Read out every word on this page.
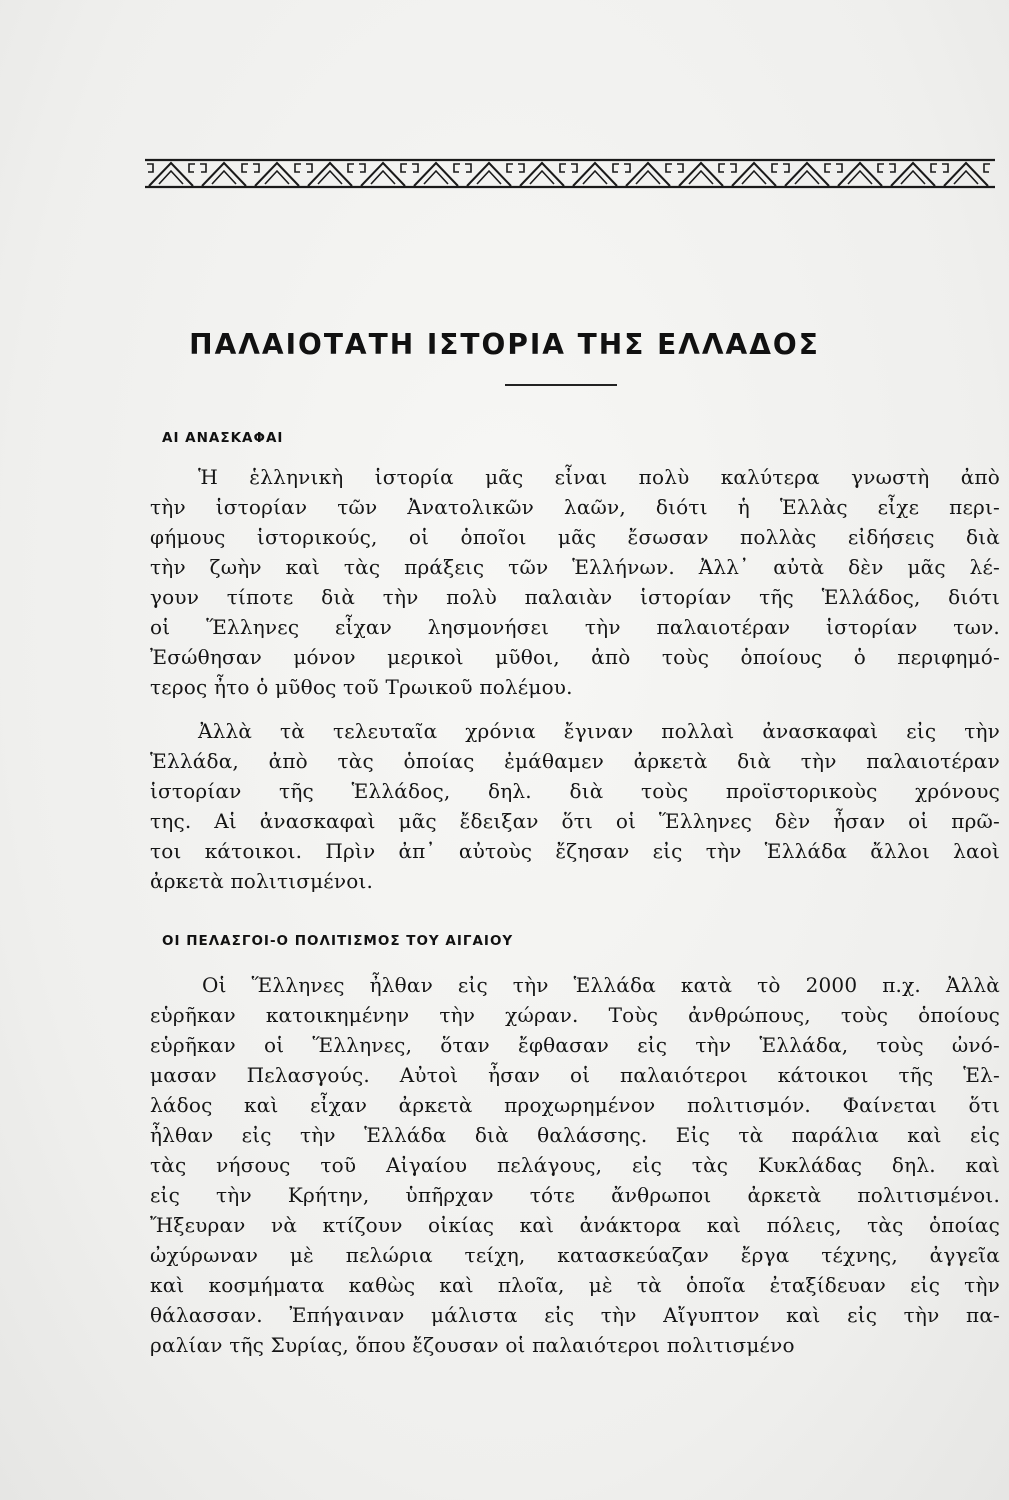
ΠΑΛΑΙΟΤΑΤΗ ΙΣΤΟΡΙΑ ΤΗΣ ΕΛΛΑΔΟΣ
ΑΙ ΑΝΑΣΚΑΦΑΙ
Ἡ ἑλληνικὴ ἱστορία μᾶς εἶναι πολὺ καλύτερα γνωστὴ ἀπὸ
τὴν ἱστορίαν τῶν Ἀνατολικῶν λαῶν, διότι ἡ Ἑλλὰς εἶχε περι-
φήμους ἱστορικούς, οἱ ὁποῖοι μᾶς ἔσωσαν πολλὰς εἰδήσεις διὰ
τὴν ζωὴν καὶ τὰς πράξεις τῶν Ἑλλήνων. Ἀλλ᾽ αὐτὰ δὲν μᾶς λέ-
γουν τίποτε διὰ τὴν πολὺ παλαιὰν ἱστορίαν τῆς Ἑλλάδος, διότι
οἱ Ἕλληνες εἶχαν λησμονήσει τὴν παλαιοτέραν ἱστορίαν των.
Ἐσώθησαν μόνον μερικοὶ μῦθοι, ἀπὸ τοὺς ὁποίους ὁ περιφημό-
τερος ἦτο ὁ μῦθος τοῦ Τρωικοῦ πολέμου.
Ἀλλὰ τὰ τελευταῖα χρόνια ἔγιναν πολλαὶ ἀνασκαφαὶ εἰς τὴν
Ἑλλάδα, ἀπὸ τὰς ὁποίας ἐμάθαμεν ἀρκετὰ διὰ τὴν παλαιοτέραν
ἱστορίαν τῆς Ἑλλάδος, δηλ. διὰ τοὺς προϊστορικοὺς χρόνους
της. Αἱ ἀνασκαφαὶ μᾶς ἔδειξαν ὅτι οἱ Ἕλληνες δὲν ἦσαν οἱ πρῶ-
τοι κάτοικοι. Πρὶν ἀπ᾽ αὐτοὺς ἔζησαν εἰς τὴν Ἑλλάδα ἄλλοι λαοὶ
ἀρκετὰ πολιτισμένοι.
ΟΙ ΠΕΛΑΣΓΟΙ-Ο ΠΟΛΙΤΙΣΜΟΣ ΤΟΥ ΑΙΓΑΙΟΥ
Οἱ Ἕλληνες ἦλθαν εἰς τὴν Ἑλλάδα κατὰ τὸ 2000 π.χ. Ἀλλὰ
εὑρῆκαν κατοικημένην τὴν χώραν. Τοὺς ἀνθρώπους, τοὺς ὁποίους
εὑρῆκαν οἱ Ἕλληνες, ὅταν ἔφθασαν εἰς τὴν Ἑλλάδα, τοὺς ὠνό-
μασαν Πελασγούς. Αὐτοὶ ἦσαν οἱ παλαιότεροι κάτοικοι τῆς Ἑλ-
λάδος καὶ εἶχαν ἀρκετὰ προχωρημένον πολιτισμόν. Φαίνεται ὅτι
ἦλθαν εἰς τὴν Ἑλλάδα διὰ θαλάσσης. Εἰς τὰ παράλια καὶ εἰς
τὰς νήσους τοῦ Αἰγαίου πελάγους, εἰς τὰς Κυκλάδας δηλ. καὶ
εἰς τὴν Κρήτην, ὑπῆρχαν τότε ἄνθρωποι ἀρκετὰ πολιτισμένοι.
Ἤξευραν νὰ κτίζουν οἰκίας καὶ ἀνάκτορα καὶ πόλεις, τὰς ὁποίας
ὠχύρωναν μὲ πελώρια τείχη, κατασκεύαζαν ἔργα τέχνης, ἀγγεῖα
καὶ κοσμήματα καθὼς καὶ πλοῖα, μὲ τὰ ὁποῖα ἐταξίδευαν εἰς τὴν
θάλασσαν. Ἐπήγαιναν μάλιστα εἰς τὴν Αἴγυπτον καὶ εἰς τὴν πα-
ραλίαν τῆς Συρίας, ὅπου ἔζουσαν οἱ παλαιότεροι πολιτισμένο
